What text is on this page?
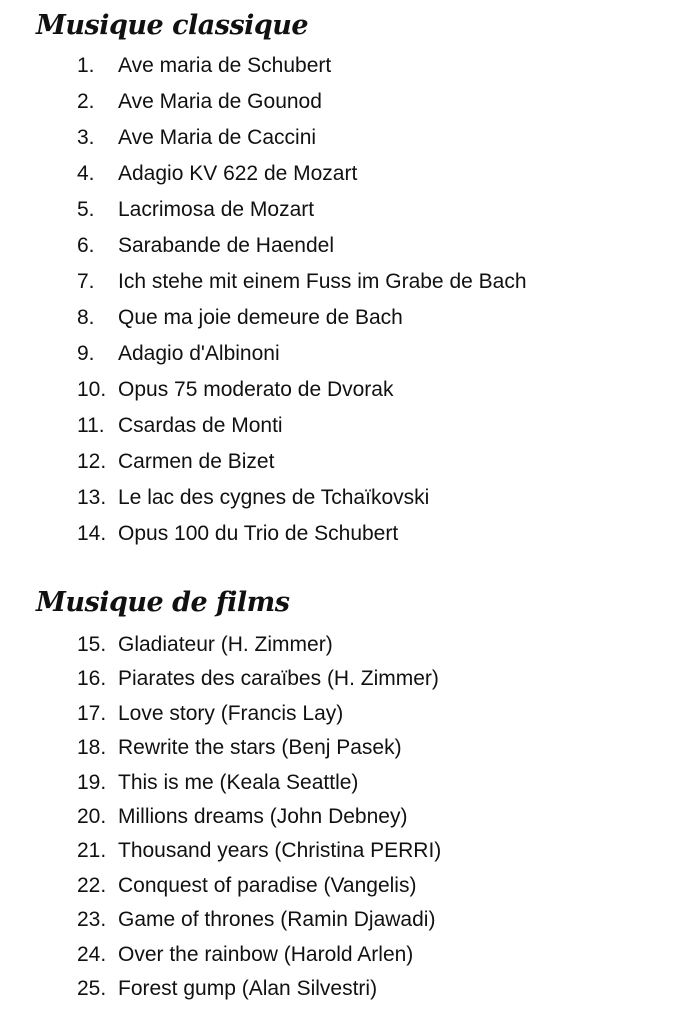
Musique classique
1. Ave maria de Schubert
2. Ave Maria de Gounod
3. Ave Maria de Caccini
4. Adagio KV 622 de Mozart
5. Lacrimosa de Mozart
6. Sarabande de Haendel
7. Ich stehe mit einem Fuss im Grabe de Bach
8. Que ma joie demeure de Bach
9. Adagio d'Albinoni
10. Opus 75 moderato de Dvorak
11. Csardas de Monti
12. Carmen de Bizet
13. Le lac des cygnes de Tchaïkovski
14. Opus 100 du Trio de Schubert
Musique de films
15. Gladiateur (H. Zimmer)
16. Piarates des caraïbes (H. Zimmer)
17. Love story (Francis Lay)
18. Rewrite the stars (Benj Pasek)
19. This is me (Keala Seattle)
20. Millions dreams (John Debney)
21. Thousand years (Christina PERRI)
22. Conquest of paradise (Vangelis)
23. Game of thrones (Ramin Djawadi)
24. Over the rainbow (Harold Arlen)
25. Forest gump (Alan Silvestri)
